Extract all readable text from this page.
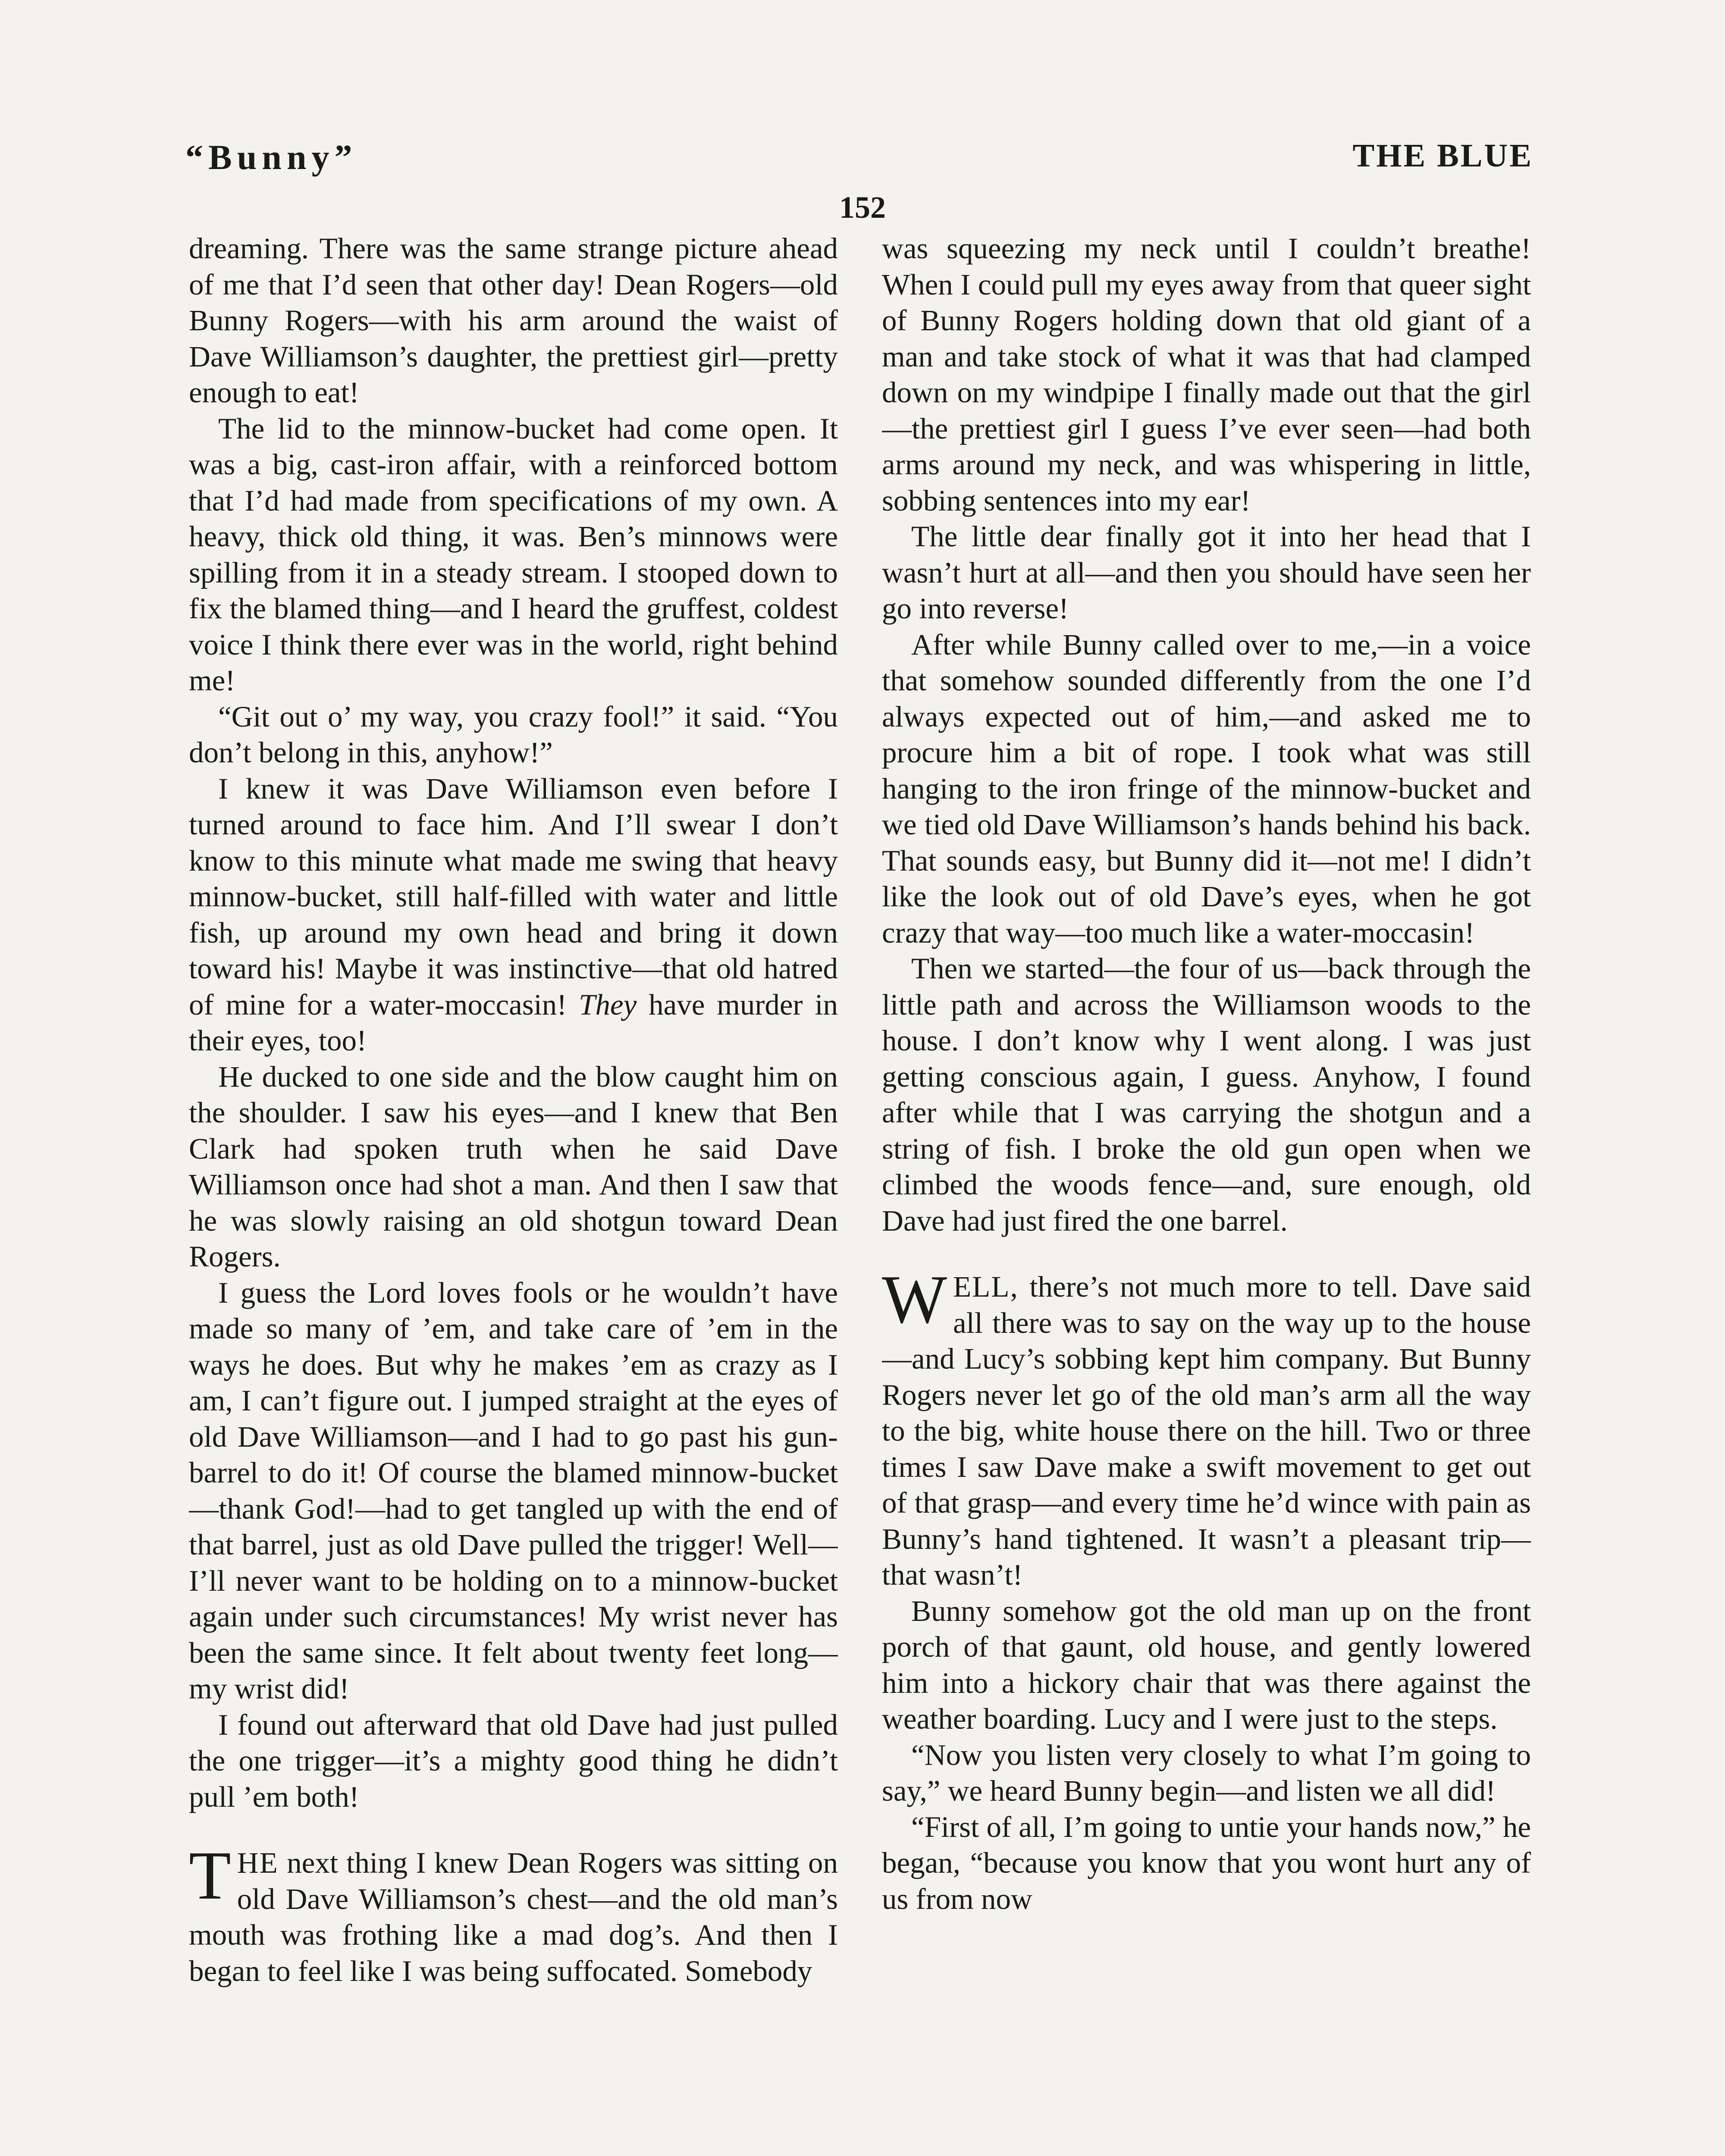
“Bunny”	THE BLUE
152

dreaming. There was the same strange picture ahead of me that I’d seen that other day! Dean Rogers—old Bunny Rogers—with his arm around the waist of Dave Williamson’s daughter, the prettiest girl—pretty enough to eat!

The lid to the minnow-bucket had come open. It was a big, cast-iron affair, with a reinforced bottom that I’d had made from specifications of my own. A heavy, thick old thing, it was. Ben’s minnows were spilling from it in a steady stream. I stooped down to fix the blamed thing—and I heard the gruffest, coldest voice I think there ever was in the world, right behind me!

“Git out o’ my way, you crazy fool!” it said. “You don’t belong in this, anyhow!”

I knew it was Dave Williamson even before I turned around to face him. And I’ll swear I don’t know to this minute what made me swing that heavy minnow-bucket, still half-filled with water and little fish, up around my own head and bring it down toward his! Maybe it was instinctive—that old hatred of mine for a water-moccasin! They have murder in their eyes, too!

He ducked to one side and the blow caught him on the shoulder. I saw his eyes—and I knew that Ben Clark had spoken truth when he said Dave Williamson once had shot a man. And then I saw that he was slowly raising an old shotgun toward Dean Rogers.

I guess the Lord loves fools or he wouldn’t have made so many of ’em, and take care of ’em in the ways he does. But why he makes ’em as crazy as I am, I can’t figure out. I jumped straight at the eyes of old Dave Williamson—and I had to go past his gun-barrel to do it! Of course the blamed minnow-bucket—thank God!—had to get tangled up with the end of that barrel, just as old Dave pulled the trigger! Well—I’ll never want to be holding on to a minnow-bucket again under such circumstances! My wrist never has been the same since. It felt about twenty feet long—my wrist did!

I found out afterward that old Dave had just pulled the one trigger—it’s a mighty good thing he didn’t pull ’em both!

THE next thing I knew Dean Rogers was sitting on old Dave Williamson’s chest—and the old man’s mouth was frothing like a mad dog’s. And then I began to feel like I was being suffocated. Somebody

was squeezing my neck until I couldn’t breathe! When I could pull my eyes away from that queer sight of Bunny Rogers holding down that old giant of a man and take stock of what it was that had clamped down on my windpipe I finally made out that the girl—the prettiest girl I guess I’ve ever seen—had both arms around my neck, and was whispering in little, sobbing sentences into my ear!

The little dear finally got it into her head that I wasn’t hurt at all—and then you should have seen her go into reverse!

After while Bunny called over to me,—in a voice that somehow sounded differently from the one I’d always expected out of him,—and asked me to procure him a bit of rope. I took what was still hanging to the iron fringe of the minnow-bucket and we tied old Dave Williamson’s hands behind his back. That sounds easy, but Bunny did it—not me! I didn’t like the look out of old Dave’s eyes, when he got crazy that way—too much like a water-moccasin!

Then we started—the four of us—back through the little path and across the Williamson woods to the house. I don’t know why I went along. I was just getting conscious again, I guess. Anyhow, I found after while that I was carrying the shotgun and a string of fish. I broke the old gun open when we climbed the woods fence—and, sure enough, old Dave had just fired the one barrel.

WELL, there’s not much more to tell. Dave said all there was to say on the way up to the house—and Lucy’s sobbing kept him company. But Bunny Rogers never let go of the old man’s arm all the way to the big, white house there on the hill. Two or three times I saw Dave make a swift movement to get out of that grasp—and every time he’d wince with pain as Bunny’s hand tightened. It wasn’t a pleasant trip—that wasn’t!

Bunny somehow got the old man up on the front porch of that gaunt, old house, and gently lowered him into a hickory chair that was there against the weather boarding. Lucy and I were just to the steps.

“Now you listen very closely to what I’m going to say,” we heard Bunny begin—and listen we all did!

“First of all, I’m going to untie your hands now,” he began, “because you know that you wont hurt any of us from now
